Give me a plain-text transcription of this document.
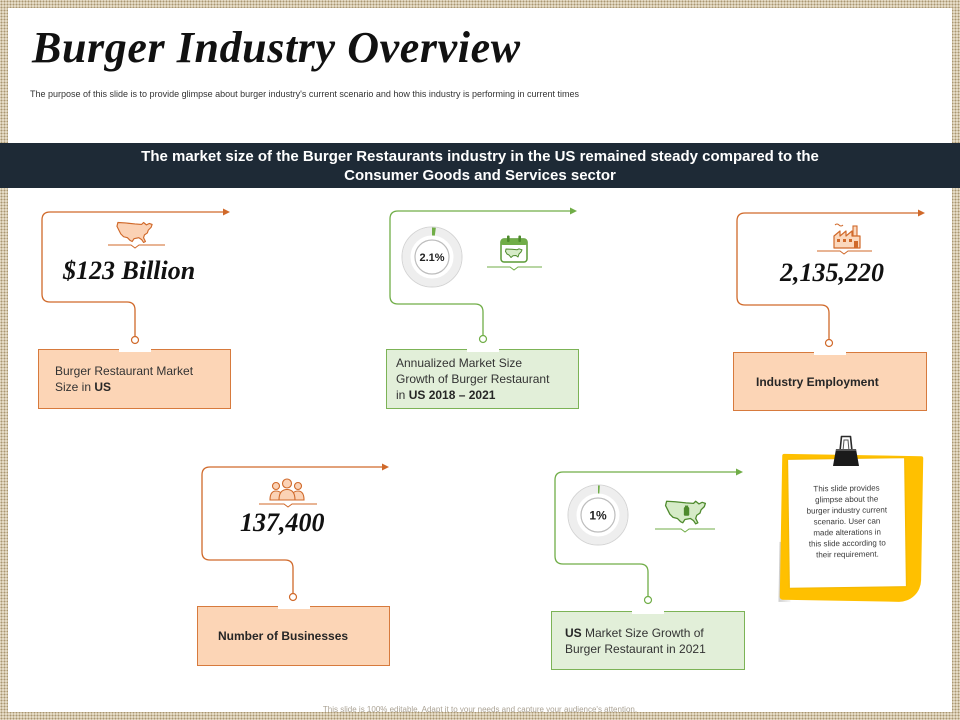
Burger Industry Overview
The purpose of this slide is to provide glimpse about burger industry's current scenario and how this industry is performing in current times
The market size of the Burger Restaurants industry in the US remained steady compared to the
Consumer Goods and Services sector
2.1%
1%
$123 Billion	2,135,220
137,400
Burger Restaurant Market
Size in US
Annualized Market Size
Growth of Burger Restaurant
in US 2018 – 2021
Industry Employment
Number of Businesses	US Market Size Growth of
Burger Restaurant in 2021
This slide provides
glimpse about the
burger industry current
scenario. User can
made alterations in
this slide according to
their requirement.
This slide is 100% editable. Adapt it to your needs and capture your audience's attention.
